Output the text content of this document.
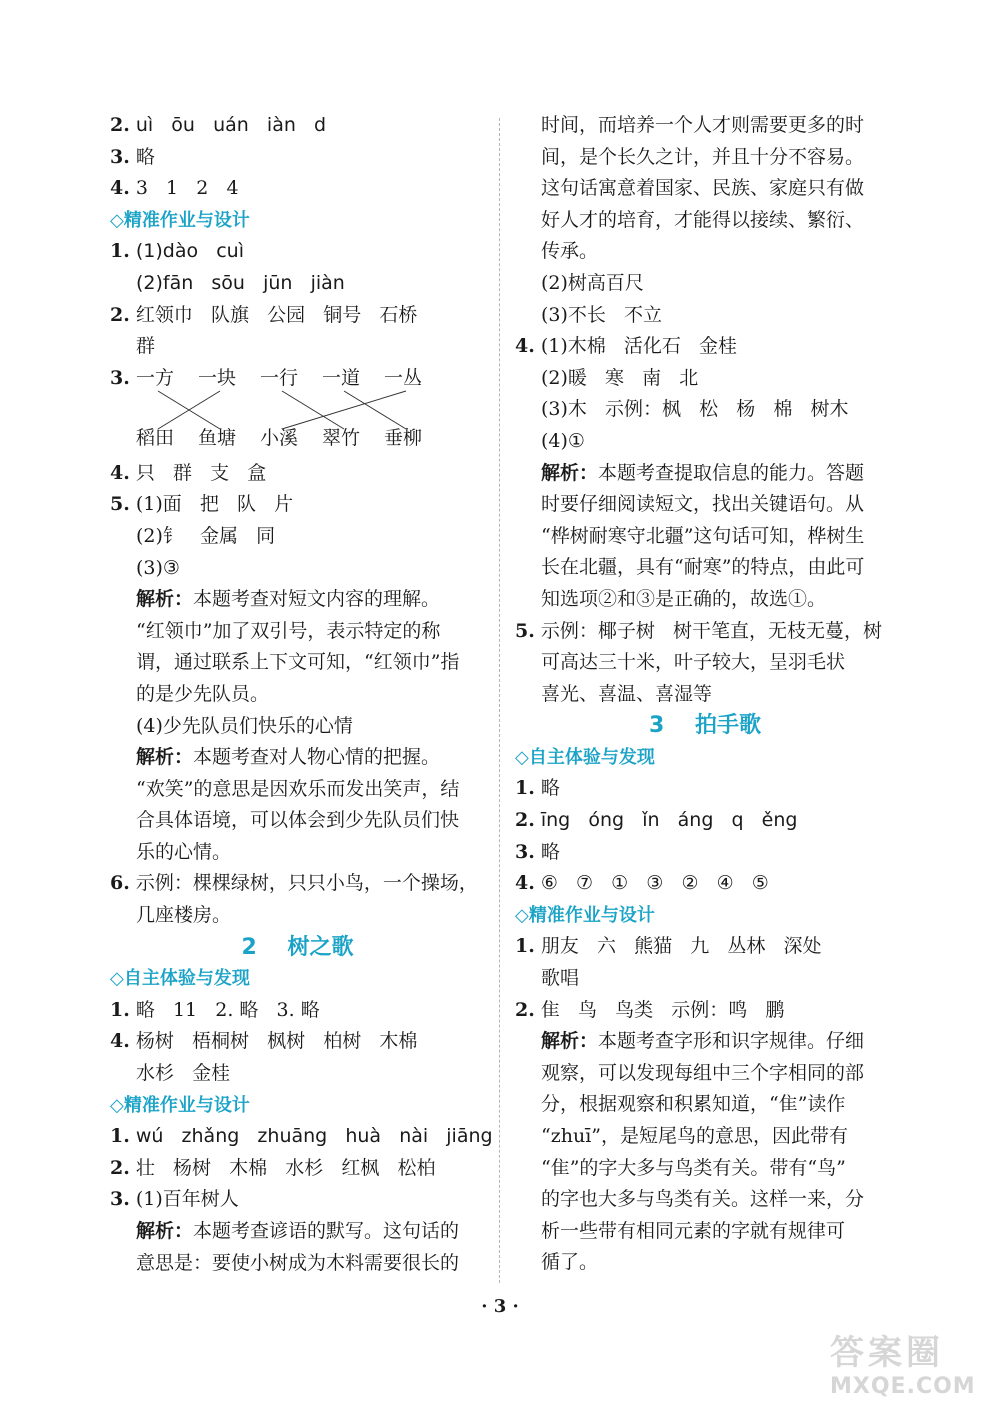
2. uì   ōu   uán   iàn   d
3. 略
4. 3   1   2   4
◇精准作业与设计
1. (1)dào   cuì
(2)fān   sōu   jūn   jiàn
2. 红领巾   队旗   公园   铜号   石桥
群
3. 一方	一块	一行	一道	一丛
稻田	鱼塘	小溪	翠竹	垂柳
4. 只   群   支   盒
5. (1)面   把   队   片
(2)钅   金属   同
(3)③
解析：本题考查对短文内容的理解。
“红领巾”加了双引号，表示特定的称
谓，通过联系上下文可知，“红领巾”指
的是少先队员。
(4)少先队员们快乐的心情
解析：本题考查对人物心情的把握。
“欢笑”的意思是因欢乐而发出笑声，结
合具体语境，可以体会到少先队员们快
乐的心情。
6. 示例：棵棵绿树，只只小鸟，一个操场，
几座楼房。
2    树之歌
◇自主体验与发现
1. 略   11   2. 略   3. 略
4. 杨树   梧桐树   枫树   柏树   木棉
水杉   金桂
◇精准作业与设计
1. wú   zhǎng   zhuāng   huà   nài   jiāng
2. 壮   杨树   木棉   水杉   红枫   松柏
3. (1)百年树人
解析：本题考查谚语的默写。这句话的
意思是：要使小树成为木料需要很长的
时间，而培养一个人才则需要更多的时
间，是个长久之计，并且十分不容易。
这句话寓意着国家、民族、家庭只有做
好人才的培育，才能得以接续、繁衍、
传承。
(2)树高百尺
(3)不长   不立
4. (1)木棉   活化石   金桂
(2)暖   寒   南   北
(3)木   示例：枫   松   杨   棉   树木
(4)①
解析：本题考查提取信息的能力。答题
时要仔细阅读短文，找出关键语句。从
“桦树耐寒守北疆”这句话可知，桦树生
长在北疆，具有“耐寒”的特点，由此可
知选项②和③是正确的，故选①。
5. 示例：椰子树   树干笔直，无枝无蔓，树
可高达三十米，叶子较大，呈羽毛状
喜光、喜温、喜湿等
3    拍手歌
◇自主体验与发现
1. 略
2. īng   óng   ǐn   áng   q   ěng
3. 略
4. ⑥   ⑦   ①   ③   ②   ④   ⑤
◇精准作业与设计
1. 朋友   六   熊猫   九   丛林   深处
歌唱
2. 隹   鸟   鸟类   示例：鸣   鹏
解析：本题考查字形和识字规律。仔细
观察，可以发现每组中三个字相同的部
分，根据观察和积累知道，“隹”读作
“zhuī”，是短尾鸟的意思，因此带有
“隹”的字大多与鸟类有关。带有“鸟”
的字也大多与鸟类有关。这样一来，分
析一些带有相同元素的字就有规律可
循了。
· 3 ·
答案圈
MXQE.COM
